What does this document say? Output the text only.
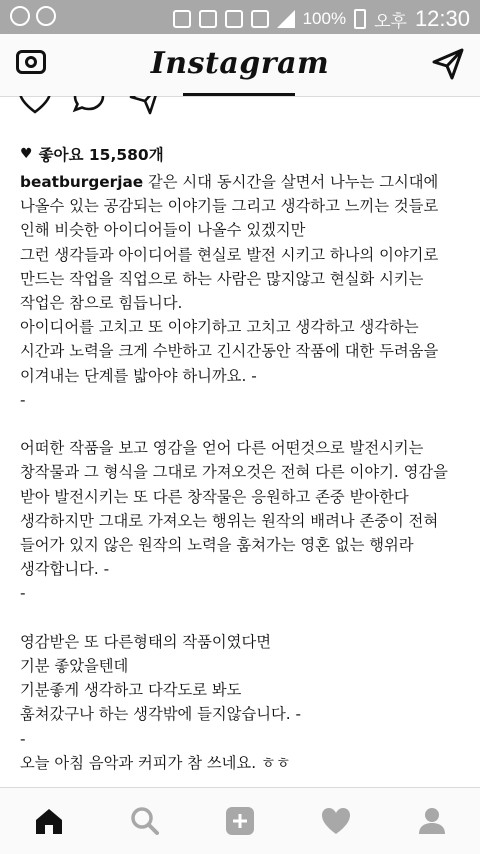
100% 오후 12:30
Instagram
♥ 좋아요 15,580개

beatburgerjae 같은 시대 동시간을 살면서 나누는 그시대에
나올수 있는 공감되는 이야기들 그리고 생각하고 느끼는 것들로
인해 비슷한 아이디어들이 나올수 있겠지만
그런 생각들과 아이디어를 현실로 발전 시키고 하나의 이야기로
만드는 작업을 직업으로 하는 사람은 많지않고 현실화 시키는
작업은 참으로 힘듭니다.
아이디어를 고치고 또 이야기하고 고치고 생각하고 생각하는
시간과 노력을 크게 수반하고 긴시간동안 작품에 대한 두려움을
이겨내는 단계를 밟아야 하니까요. -
-

어떠한 작품을 보고 영감을 얻어 다른 어떤것으로 발전시키는
창작물과 그 형식을 그대로 가져오것은 전혀 다른 이야기. 영감을
받아 발전시키는 또 다른 창작물은 응원하고 존중 받아한다
생각하지만 그대로 가져오는 행위는 원작의 배려나 존중이 전혀
들어가 있지 않은 원작의 노력을 훔쳐가는 영혼 없는 행위라
생각합니다. -
-

영감받은 또 다른형태의 작품이였다면
기분 좋았을텐데
기분좋게 생각하고 다각도로 봐도
훔쳐갔구나 하는 생각밖에 들지않습니다. -
-
오늘 아침 음악과 커피가 참 쓰네요. ㅎㅎ
